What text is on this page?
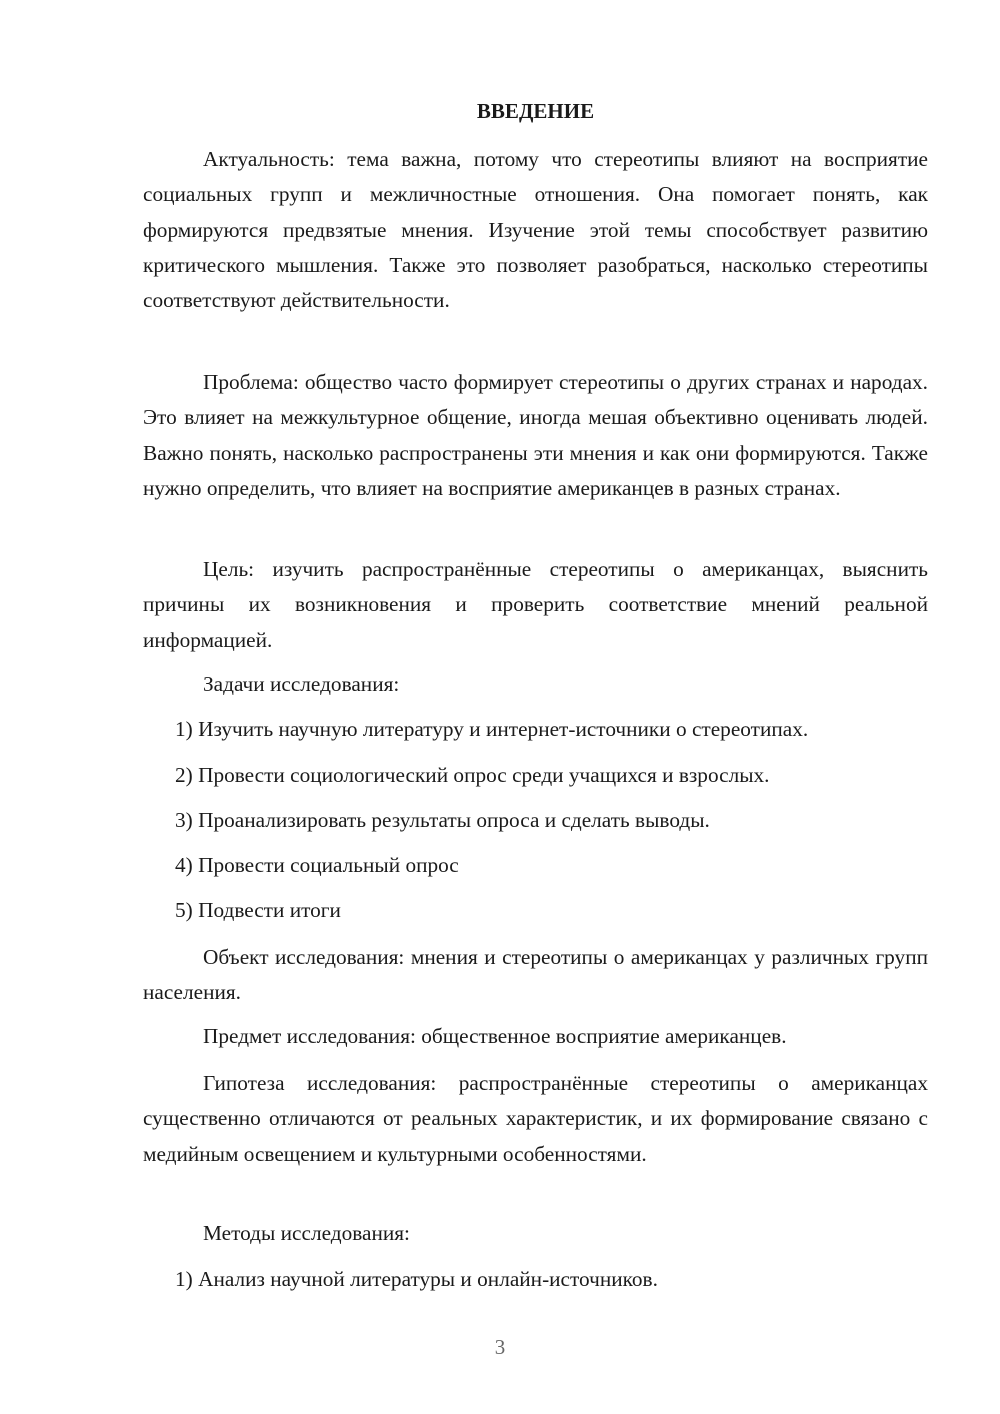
ВВЕДЕНИЕ

Актуальность: тема важна, потому что стереотипы влияют на восприятие социальных групп и межличностные отношения. Она помогает понять, как формируются предвзятые мнения. Изучение этой темы способствует развитию критического мышления. Также это позволяет разобраться, насколько стереотипы соответствуют действительности.

Проблема: общество часто формирует стереотипы о других странах и народах. Это влияет на межкультурное общение, иногда мешая объективно оценивать людей. Важно понять, насколько распространены эти мнения и как они формируются. Также нужно определить, что влияет на восприятие американцев в разных странах.

Цель: изучить распространённые стереотипы о американцах, выяснить причины их возникновения и проверить соответствие мнений реальной информацией.

Задачи исследования:

1) Изучить научную литературу и интернет-источники о стереотипах.

2) Провести социологический опрос среди учащихся и взрослых.

3) Проанализировать результаты опроса и сделать выводы.

4) Провести социальный опрос

5) Подвести итоги

Объект исследования: мнения и стереотипы о американцах у различных групп населения.

Предмет исследования: общественное восприятие американцев.

Гипотеза исследования: распространённые стереотипы о американцах существенно отличаются от реальных характеристик, и их формирование связано с медийным освещением и культурными особенностями.

Методы исследования:

1) Анализ научной литературы и онлайн-источников.

3
